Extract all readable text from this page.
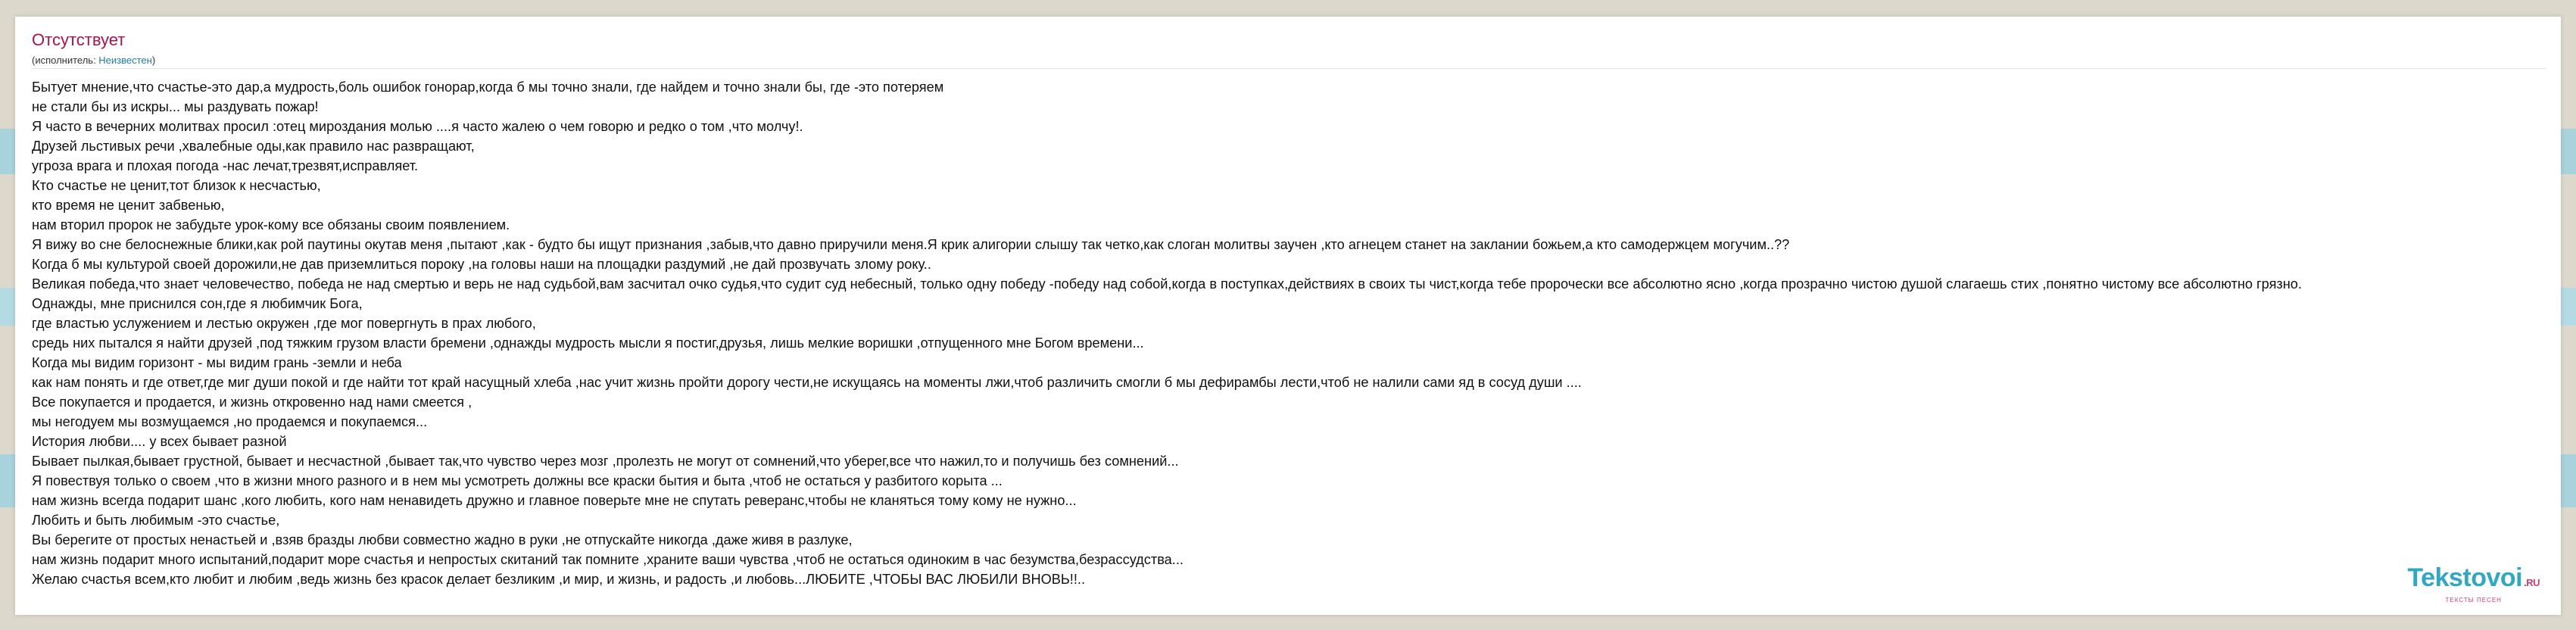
Отсутствует
(исполнитель: Неизвестен)
Бытует мнение,что счастье-это дар,а мудрость,боль ошибок гонорар,когда б мы точно знали, где найдем и точно знали бы, где -это потеряем
не стали бы из искры... мы раздувать пожар!
Я часто в вечерних молитвах просил :отец мироздания молью ....я часто жалею о чем говорю и редко о том ,что молчу!.
Друзей льстивых речи ,хвалебные оды,как правило нас развращают,
угроза врага и плохая погода -нас лечат,трезвят,исправляет.
Кто счастье не ценит,тот близок к несчастью,
кто время не ценит забвенью,
нам вторил пророк не забудьте урок-кому все обязаны своим появлением.
Я вижу во сне белоснежные блики,как рой паутины окутав меня ,пытают ,как - будто бы ищут признания ,забыв,что давно приручили меня.Я крик алигории слышу так четко,как слоган молитвы заучен ,кто агнецем станет на заклании божьем,а кто самодержцем могучим..??
Когда б мы культурой своей дорожили,не дав приземлиться пороку ,на головы наши на площадки раздумий ,не дай прозвучать злому року..
Великая победа,что знает человечество, победа не над смертью и верь не над судьбой,вам засчитал очко судья,что судит суд небесный, только одну победу -победу над собой,когда в поступках,действиях в своих ты чист,когда тебе пророчески все абсолютно ясно ,когда прозрачно чистою душой слагаешь стих ,понятно чистому все абсолютно грязно.
Однажды, мне приснился сон,где я любимчик Бога,
где властью услужением и лестью окружен ,где мог повергнуть в прах любого,
средь них пытался я найти друзей ,под тяжким грузом власти бремени ,однажды мудрость мысли я постиг,друзья, лишь мелкие воришки ,отпущенного мне Богом времени...
Когда мы видим горизонт - мы видим грань -земли и неба
как нам понять и где ответ,где миг души покой и где найти тот край насущный хлеба ,нас учит жизнь пройти дорогу чести,не искущаясь на моменты лжи,чтоб различить смогли б мы дефирамбы лести,чтоб не налили сами яд в сосуд души ....
Все покупается и продается, и жизнь откровенно над нами смеется ,
мы негодуем мы возмущаемся ,но продаемся и покупаемся...
История любви.... у всех бывает разной
Бывает пылкая,бывает грустной, бывает и несчастной ,бывает так,что чувство через мозг ,пролезть не могут от сомнений,что уберег,все что нажил,то и получишь без сомнений...
Я повествуя только о своем ,что в жизни много разного и в нем мы усмотреть должны все краски бытия и быта ,чтоб не остаться у разбитого корыта ...
нам жизнь всегда подарит шанс ,кого любить, кого нам ненавидеть дружно и главное поверьте мне не спутать реверанс,чтобы не кланяться тому кому не нужно...
Любить и быть любимым -это счастье,
Вы берегите от простых ненастьей и ,взяв бразды любви совместно жадно в руки ,не отпускайте никогда ,даже живя в разлуке,
нам жизнь подарит много испытаний,подарит море счастья и непростых скитаний так помните ,храните ваши чувства ,чтоб не остаться одиноким в час безумства,безрассудства...
Желаю счастья всем,кто любит и любим ,ведь жизнь без красок делает безликим ,и мир, и жизнь, и радость ,и любовь...ЛЮБИТЕ ,ЧТОБЫ ВАС ЛЮБИЛИ ВНОВЬ!!..	Tekstovoi .RU
ТЕКСТЫ ПЕСЕН
